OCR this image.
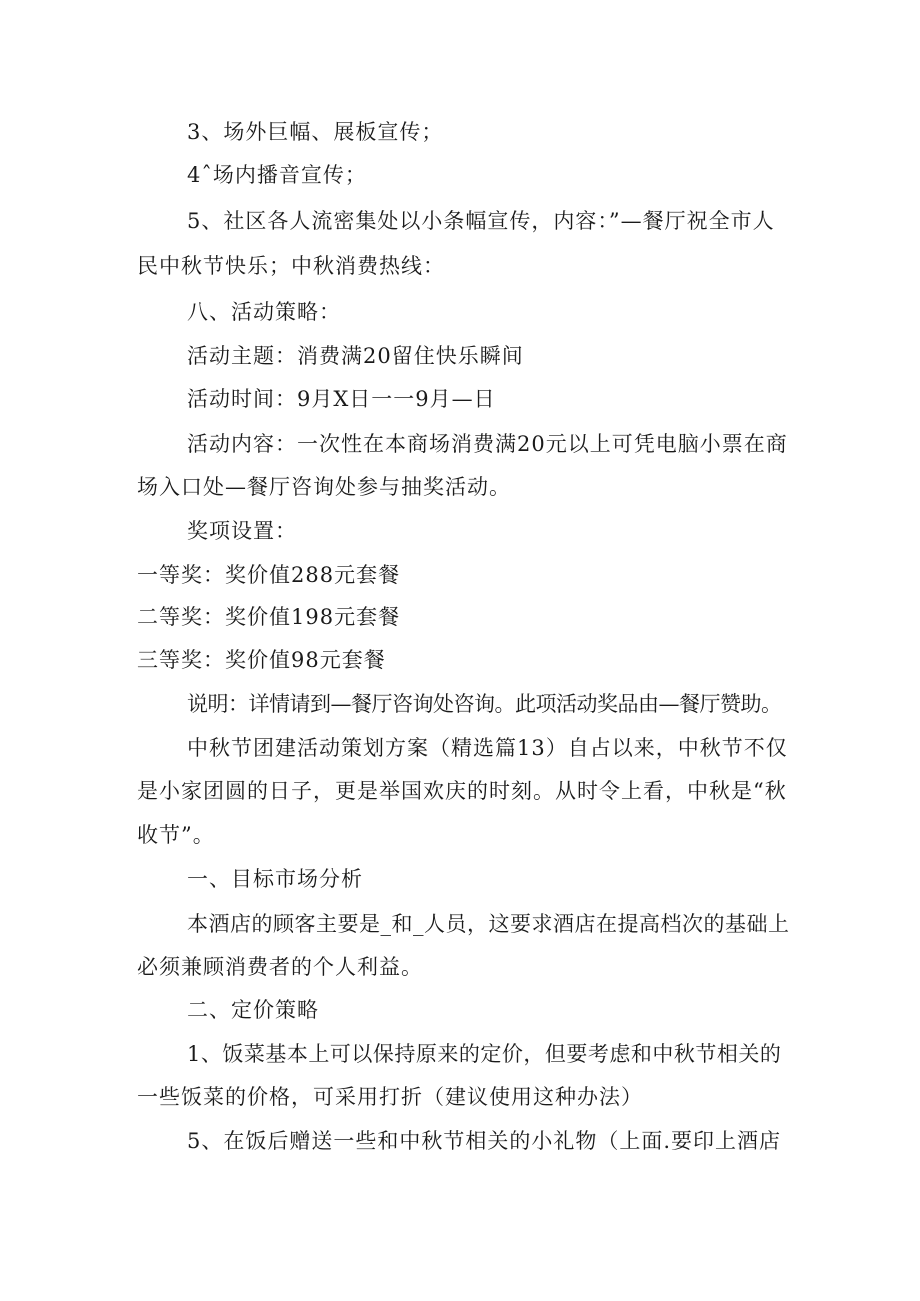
3、场外巨幅、展板宣传；
4ˆ场内播音宣传；
5、社区各人流密集处以小条幅宣传，内容：”—餐厅祝全市人
民中秋节快乐；中秋消费热线：
八、活动策略：
活动主题：消费满20留住快乐瞬间
活动时间：9月X日一一9月—日
活动内容：一次性在本商场消费满20元以上可凭电脑小票在商
场入口处—餐厅咨询处参与抽奖活动。
奖项设置：
一等奖：奖价值288元套餐
二等奖：奖价值198元套餐
三等奖：奖价值98元套餐
说明：详情请到—餐厅咨询处咨询。此项活动奖品由—餐厅赞助。
中秋节团建活动策划方案（精选篇13）自占以来，中秋节不仅
是小家团圆的日子，更是举国欢庆的时刻。从时令上看，中秋是“秋
收节”。
一、目标市场分析
本酒店的顾客主要是_和_人员，这要求酒店在提高档次的基础上
必须兼顾消费者的个人利益。
二、定价策略
1、饭菜基本上可以保持原来的定价，但要考虑和中秋节相关的
一些饭菜的价格，可采用打折（建议使用这种办法）
5、在饭后赠送一些和中秋节相关的小礼物（上面.要印上酒店
